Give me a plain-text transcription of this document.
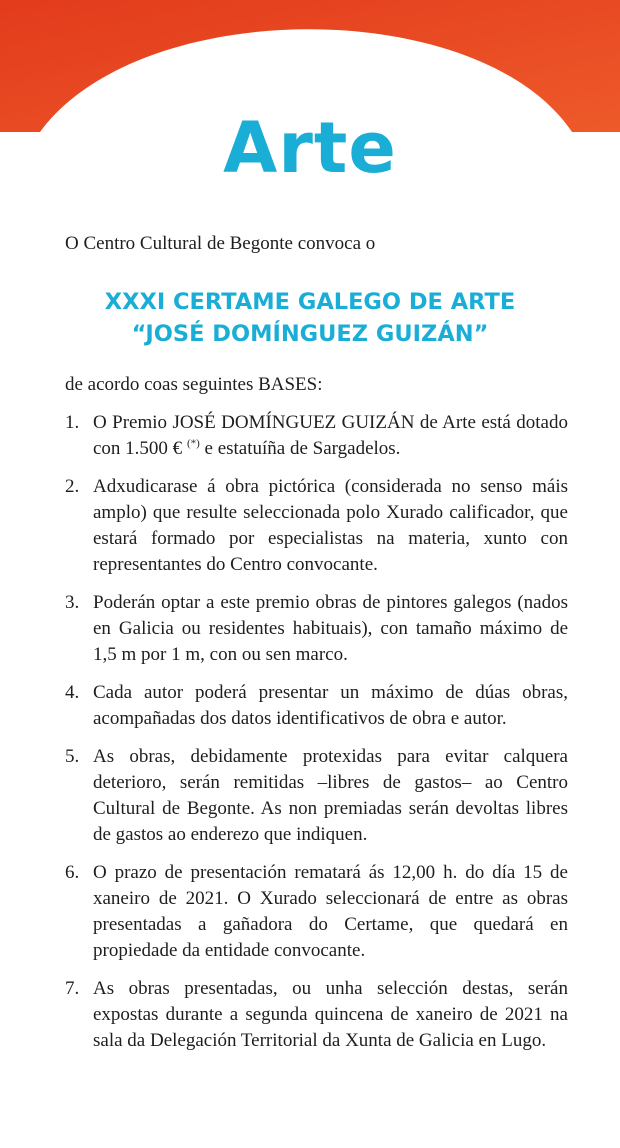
Arte
O Centro Cultural de Begonte convoca o
XXXI CERTAME GALEGO DE ARTE
“JOSÉ DOMÍNGUEZ GUIZÁN”
de acordo coas seguintes BASES:
1. O Premio JOSÉ DOMÍNGUEZ GUIZÁN de Arte está dotado con 1.500 € (*) e estatuíña de Sargadelos.
2. Adxudicarase á obra pictórica (considerada no senso máis amplo) que resulte seleccionada polo Xurado calificador, que estará formado por especialistas na materia, xunto con representantes do Centro convocante.
3. Poderán optar a este premio obras de pintores galegos (nados en Galicia ou residentes habituais), con tamaño máximo de 1,5 m por 1 m, con ou sen marco.
4. Cada autor poderá presentar un máximo de dúas obras, acompañadas dos datos identificativos de obra e autor.
5. As obras, debidamente protexidas para evitar calquera deterioro, serán remitidas –libres de gastos– ao Centro Cultural de Begonte. As non premiadas serán devoltas libres de gastos ao enderezo que indiquen.
6. O prazo de presentación rematará ás 12,00 h. do día 15 de xaneiro de 2021. O Xurado seleccionará de entre as obras presentadas a gañadora do Certame, que quedará en propiedade da entidade convocante.
7. As obras presentadas, ou unha selección destas, serán expostas durante a segunda quincena de xaneiro de 2021 na sala da Delegación Territorial da Xunta de Galicia en Lugo.
